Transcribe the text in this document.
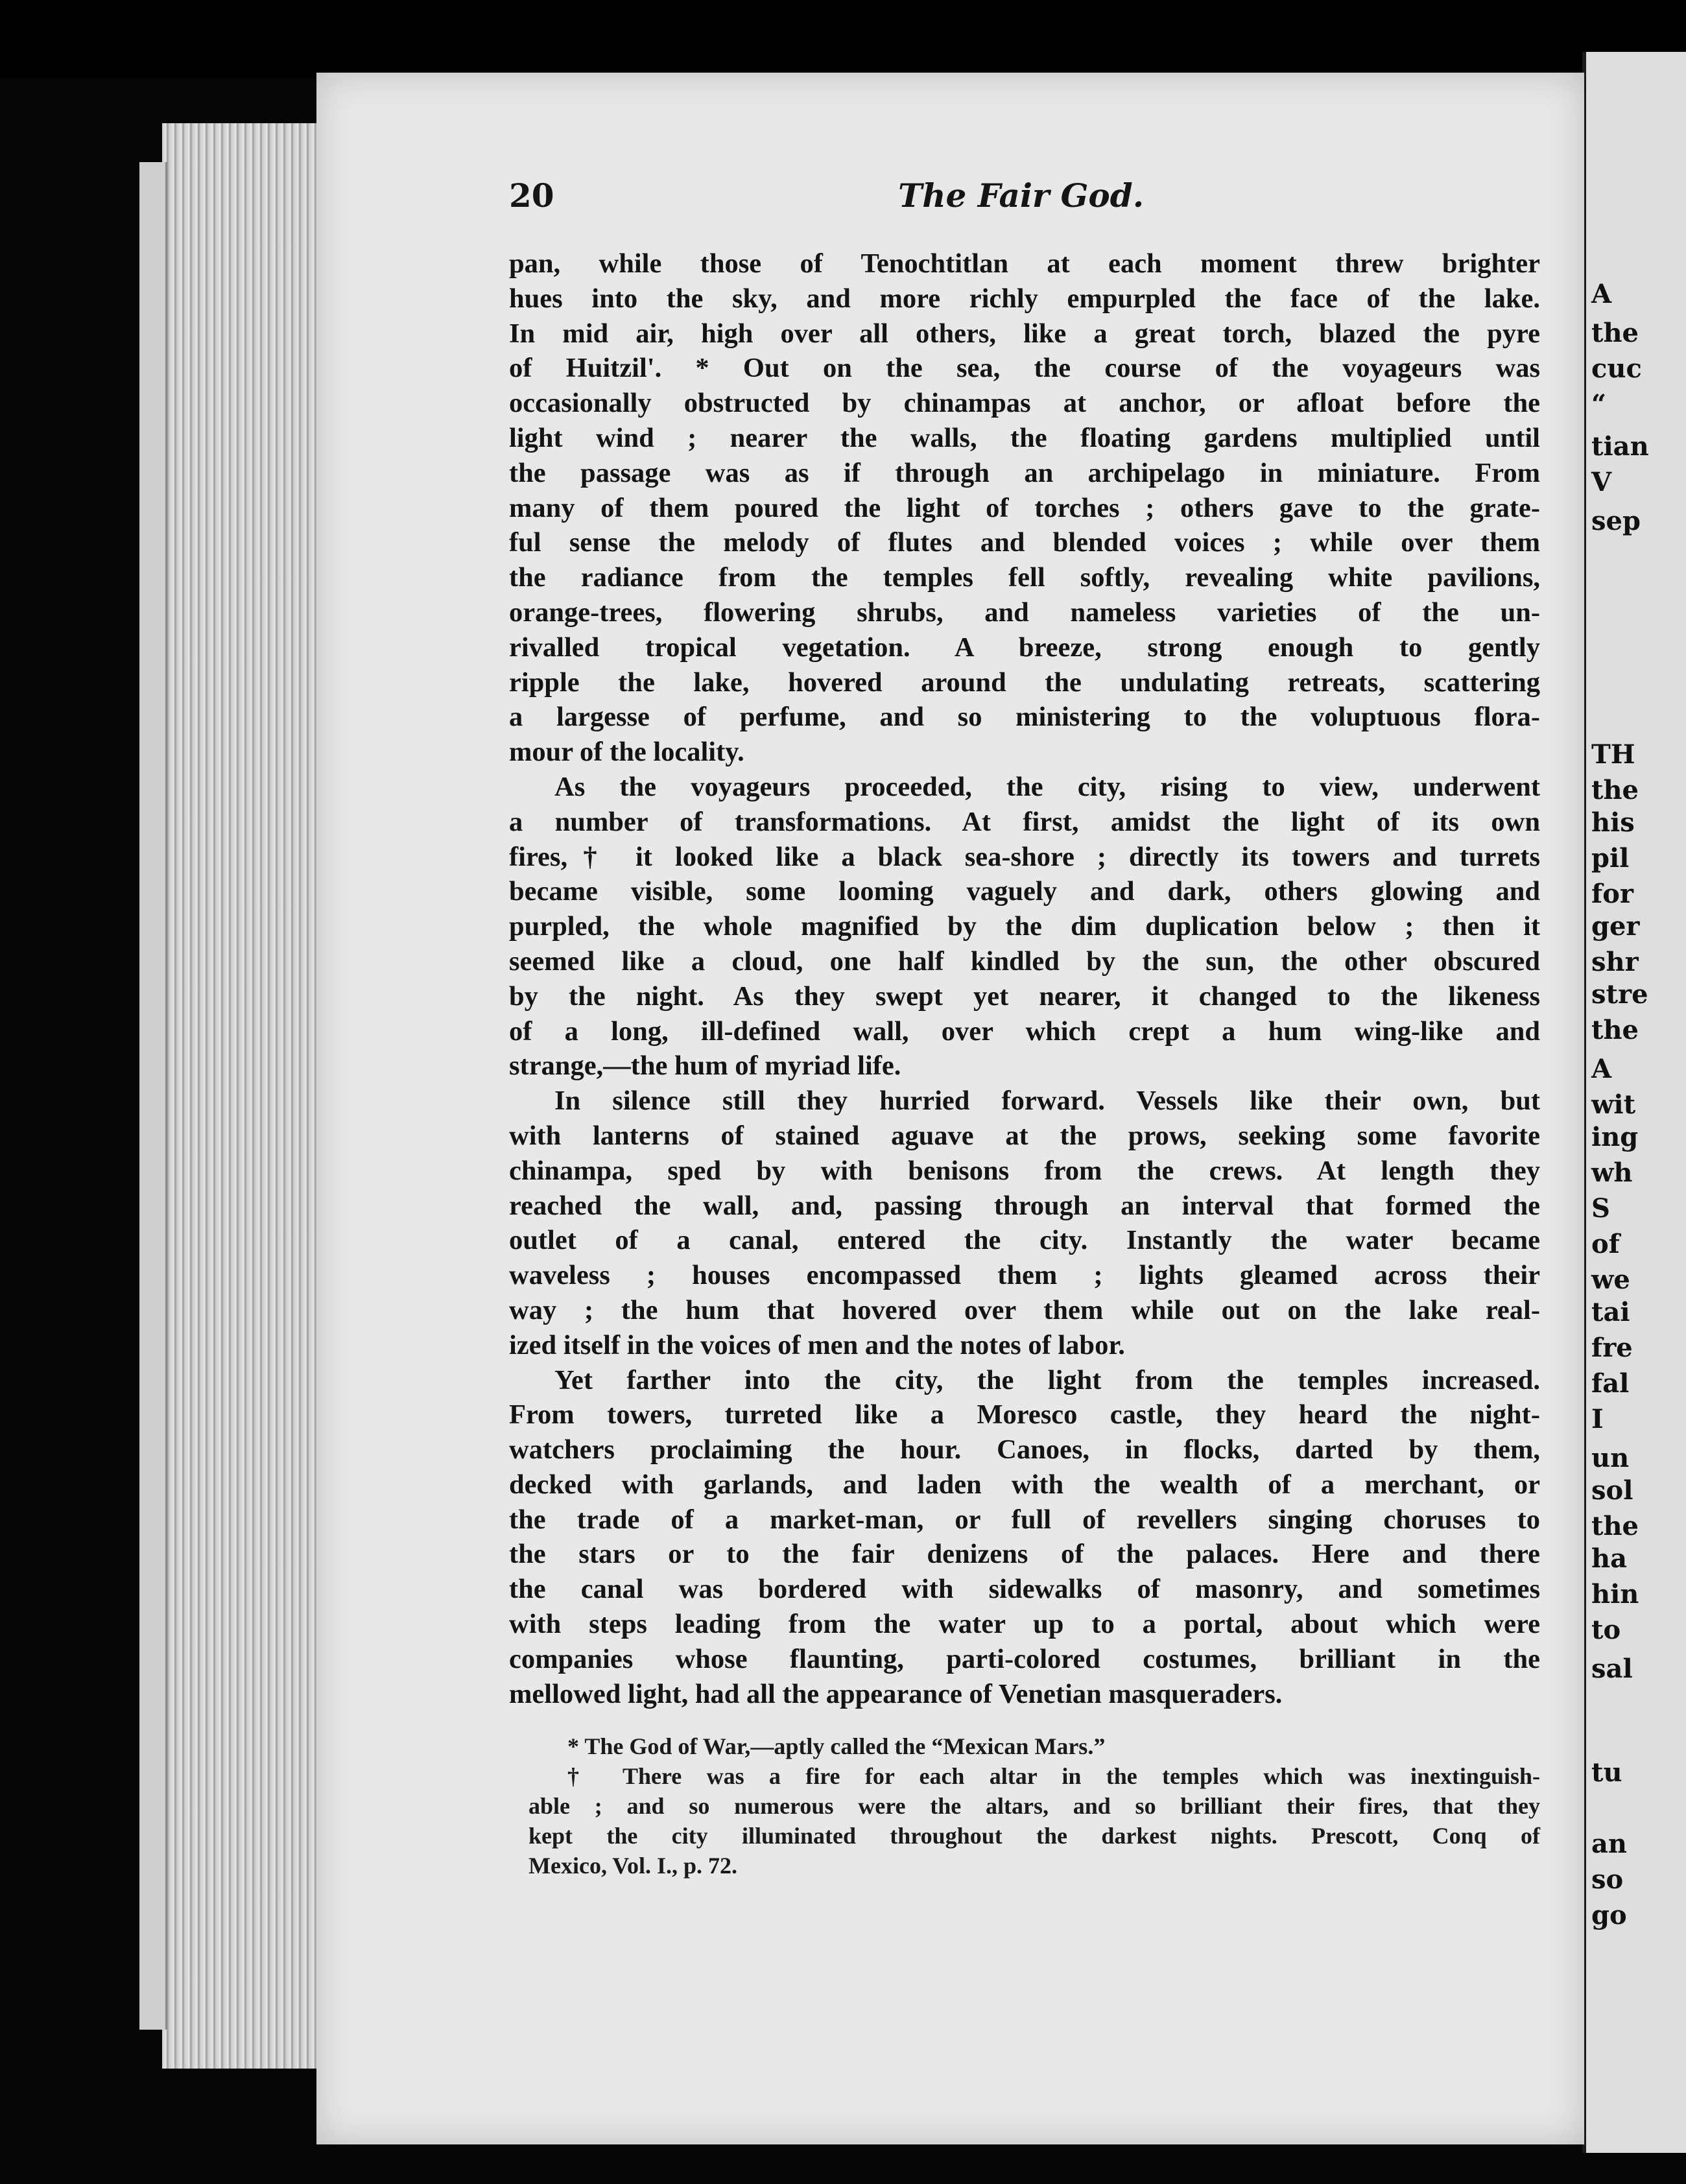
A
the
cuc
“
tian
V
sep
TH
the
his
pil
for
ger
shr
stre
the
A
wit
ing
wh
S
of
we
tai
fre
fal
I
un
sol
the
ha
hin
to
sal
tu
an
so
go
20	The Fair God.
pan, while those of Tenochtitlan at each moment threw brighter
hues into the sky, and more richly empurpled the face of the lake.
In mid air, high over all others, like a great torch, blazed the pyre
of Huitzil'. * Out on the sea, the course of the voyageurs was
occasionally obstructed by chinampas at anchor, or afloat before the
light wind ; nearer the walls, the floating gardens multiplied until
the passage was as if through an archipelago in miniature. From
many of them poured the light of torches ; others gave to the grate-
ful sense the melody of flutes and blended voices ; while over them
the radiance from the temples fell softly, revealing white pavilions,
orange-trees, flowering shrubs, and nameless varieties of the un-
rivalled tropical vegetation. A breeze, strong enough to gently
ripple the lake, hovered around the undulating retreats, scattering
a largesse of perfume, and so ministering to the voluptuous flora-
mour of the locality.
As the voyageurs proceeded, the city, rising to view, underwent
a number of transformations. At first, amidst the light of its own
fires,† it looked like a black sea-shore ; directly its towers and turrets
became visible, some looming vaguely and dark, others glowing and
purpled, the whole magnified by the dim duplication below ; then it
seemed like a cloud, one half kindled by the sun, the other obscured
by the night. As they swept yet nearer, it changed to the likeness
of a long, ill-defined wall, over which crept a hum wing-like and
strange,—the hum of myriad life.
In silence still they hurried forward. Vessels like their own, but
with lanterns of stained aguave at the prows, seeking some favorite
chinampa, sped by with benisons from the crews. At length they
reached the wall, and, passing through an interval that formed the
outlet of a canal, entered the city. Instantly the water became
waveless ; houses encompassed them ; lights gleamed across their
way ; the hum that hovered over them while out on the lake real-
ized itself in the voices of men and the notes of labor.
Yet farther into the city, the light from the temples increased.
From towers, turreted like a Moresco castle, they heard the night-
watchers proclaiming the hour. Canoes, in flocks, darted by them,
decked with garlands, and laden with the wealth of a merchant, or
the trade of a market-man, or full of revellers singing choruses to
the stars or to the fair denizens of the palaces. Here and there
the canal was bordered with sidewalks of masonry, and sometimes
with steps leading from the water up to a portal, about which were
companies whose flaunting, parti-colored costumes, brilliant in the
mellowed light, had all the appearance of Venetian masqueraders.
* The God of War,—aptly called the “Mexican Mars.”
† There was a fire for each altar in the temples which was inextinguish-
able ; and so numerous were the altars, and so brilliant their fires, that they
kept the city illuminated throughout the darkest nights. Prescott, Conq of
Mexico, Vol. I., p. 72.
